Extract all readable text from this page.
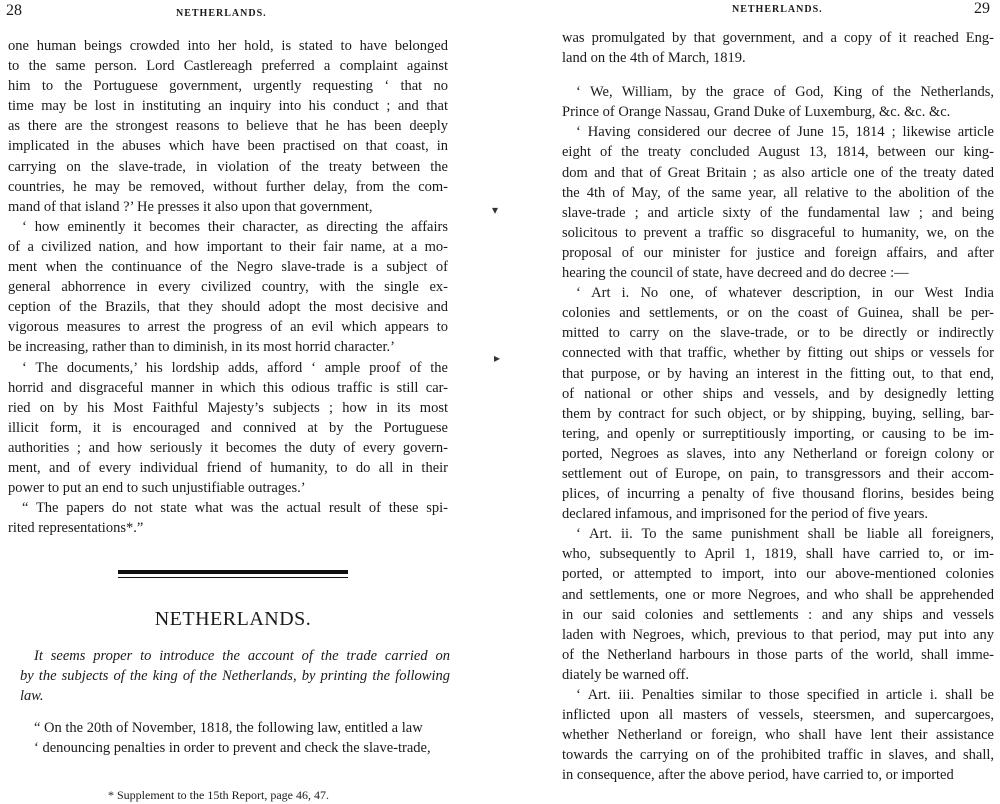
28	NETHERLANDS.
one human beings crowded into her hold, is stated to have belonged
to the same person. Lord Castlereagh preferred a complaint against
him to the Portuguese government, urgently requesting ‘ that no
time may be lost in instituting an inquiry into his conduct ; and that
as there are the strongest reasons to believe that he has been deeply
implicated in the abuses which have been practised on that coast, in
carrying on the slave-trade, in violation of the treaty between the
countries, he may be removed, without further delay, from the com-
mand of that island ?’ He presses it also upon that government,
‘ how eminently it becomes their character, as directing the affairs
of a civilized nation, and how important to their fair name, at a mo-
ment when the continuance of the Negro slave-trade is a subject of
general abhorrence in every civilized country, with the single ex-
ception of the Brazils, that they should adopt the most decisive and
vigorous measures to arrest the progress of an evil which appears to
be increasing, rather than to diminish, in its most horrid character.’
‘ The documents,’ his lordship adds, afford ‘ ample proof of the
horrid and disgraceful manner in which this odious traffic is still car-
ried on by his Most Faithful Majesty’s subjects ; how in its most
illicit form, it is encouraged and connived at by the Portuguese
authorities ; and how seriously it becomes the duty of every govern-
ment, and of every individual friend of humanity, to do all in their
power to put an end to such unjustifiable outrages.’
“ The papers do not state what was the actual result of these spi-
rited representations*.”
NETHERLANDS.
It seems proper to introduce the account of the trade carried on
by the subjects of the king of the Netherlands, by printing the following
law.
“ On the 20th of November, 1818, the following law, entitled a law
‘ denouncing penalties in order to prevent and check the slave-trade,
* Supplement to the 15th Report, page 46, 47.
▾
▸
NETHERLANDS.	29
was promulgated by that government, and a copy of it reached Eng-
land on the 4th of March, 1819.
‘ We, William, by the grace of God, King of the Netherlands,
Prince of Orange Nassau, Grand Duke of Luxemburg, &c. &c. &c.
‘ Having considered our decree of June 15, 1814 ; likewise article
eight of the treaty concluded August 13, 1814, between our king-
dom and that of Great Britain ; as also article one of the treaty dated
the 4th of May, of the same year, all relative to the abolition of the
slave-trade ; and article sixty of the fundamental law ; and being
solicitous to prevent a traffic so disgraceful to humanity, we, on the
proposal of our minister for justice and foreign affairs, and after
hearing the council of state, have decreed and do decree :—
‘ Art i. No one, of whatever description, in our West India
colonies and settlements, or on the coast of Guinea, shall be per-
mitted to carry on the slave-trade, or to be directly or indirectly
connected with that traffic, whether by fitting out ships or vessels for
that purpose, or by having an interest in the fitting out, to that end,
of national or other ships and vessels, and by designedly letting
them by contract for such object, or by shipping, buying, selling, bar-
tering, and openly or surreptitiously importing, or causing to be im-
ported, Negroes as slaves, into any Netherland or foreign colony or
settlement out of Europe, on pain, to transgressors and their accom-
plices, of incurring a penalty of five thousand florins, besides being
declared infamous, and imprisoned for the period of five years.
‘ Art. ii. To the same punishment shall be liable all foreigners,
who, subsequently to April 1, 1819, shall have carried to, or im-
ported, or attempted to import, into our above-mentioned colonies
and settlements, one or more Negroes, and who shall be apprehended
in our said colonies and settlements : and any ships and vessels
laden with Negroes, which, previous to that period, may put into any
of the Netherland harbours in those parts of the world, shall imme-
diately be warned off.
‘ Art. iii. Penalties similar to those specified in article i. shall be
inflicted upon all masters of vessels, steersmen, and supercargoes,
whether Netherland or foreign, who shall have lent their assistance
towards the carrying on of the prohibited traffic in slaves, and shall,
in consequence, after the above period, have carried to, or imported
